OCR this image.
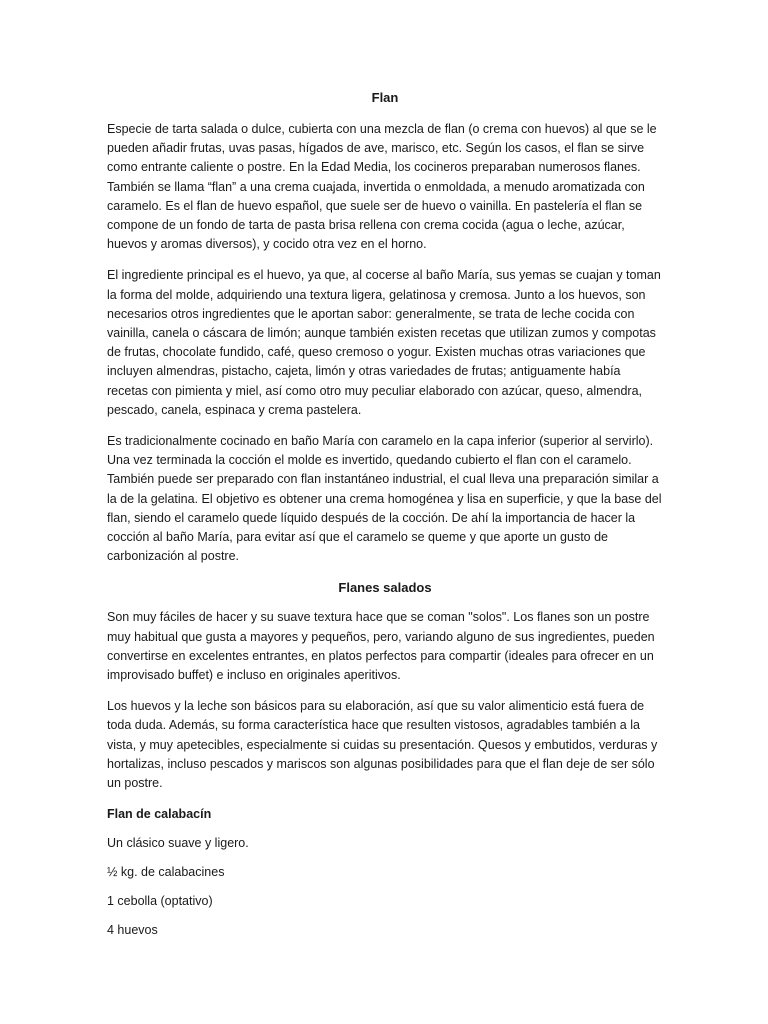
Flan

Especie de tarta salada o dulce, cubierta con una mezcla de flan (o crema con huevos) al que se le pueden añadir frutas, uvas pasas, hígados de ave, marisco, etc. Según los casos, el flan se sirve como entrante caliente o postre. En la Edad Media, los cocineros preparaban numerosos flanes. También se llama “flan” a una crema cuajada, invertida o enmoldada, a menudo aromatizada con caramelo. Es el flan de huevo español, que suele ser de huevo o vainilla. En pastelería el flan se compone de un fondo de tarta de pasta brisa rellena con crema cocida (agua o leche, azúcar, huevos y aromas diversos), y cocido otra vez en el horno.

El ingrediente principal es el huevo, ya que, al cocerse al baño María, sus yemas se cuajan y toman la forma del molde, adquiriendo una textura ligera, gelatinosa y cremosa. Junto a los huevos, son necesarios otros ingredientes que le aportan sabor: generalmente, se trata de leche cocida con vainilla, canela o cáscara de limón; aunque también existen recetas que utilizan zumos y compotas de frutas, chocolate fundido, café, queso cremoso o yogur. Existen muchas otras variaciones que incluyen almendras, pistacho, cajeta, limón y otras variedades de frutas; antiguamente había recetas con pimienta y miel, así como otro muy peculiar elaborado con azúcar, queso, almendra, pescado, canela, espinaca y crema pastelera.

Es tradicionalmente cocinado en baño María con caramelo en la capa inferior (superior al servirlo). Una vez terminada la cocción el molde es invertido, quedando cubierto el flan con el caramelo. También puede ser preparado con flan instantáneo industrial, el cual lleva una preparación similar a la de la gelatina. El objetivo es obtener una crema homogénea y lisa en superficie, y que la base del flan, siendo el caramelo quede líquido después de la cocción. De ahí la importancia de hacer la cocción al baño María, para evitar así que el caramelo se queme y que aporte un gusto de carbonización al postre.

Flanes salados

Son muy fáciles de hacer y su suave textura hace que se coman "solos". Los flanes son un postre muy habitual que gusta a mayores y pequeños, pero, variando alguno de sus ingredientes, pueden convertirse en excelentes entrantes, en platos perfectos para compartir (ideales para ofrecer en un improvisado buffet) e incluso en originales aperitivos.

Los huevos y la leche son básicos para su elaboración, así que su valor alimenticio está fuera de toda duda. Además, su forma característica hace que resulten vistosos, agradables también a la vista, y muy apetecibles, especialmente si cuidas su presentación. Quesos y embutidos, verduras y hortalizas, incluso pescados y mariscos son algunas posibilidades para que el flan deje de ser sólo un postre.

Flan de calabacín
Un clásico suave y ligero.
½ kg. de calabacines
1 cebolla (optativo)
4 huevos
